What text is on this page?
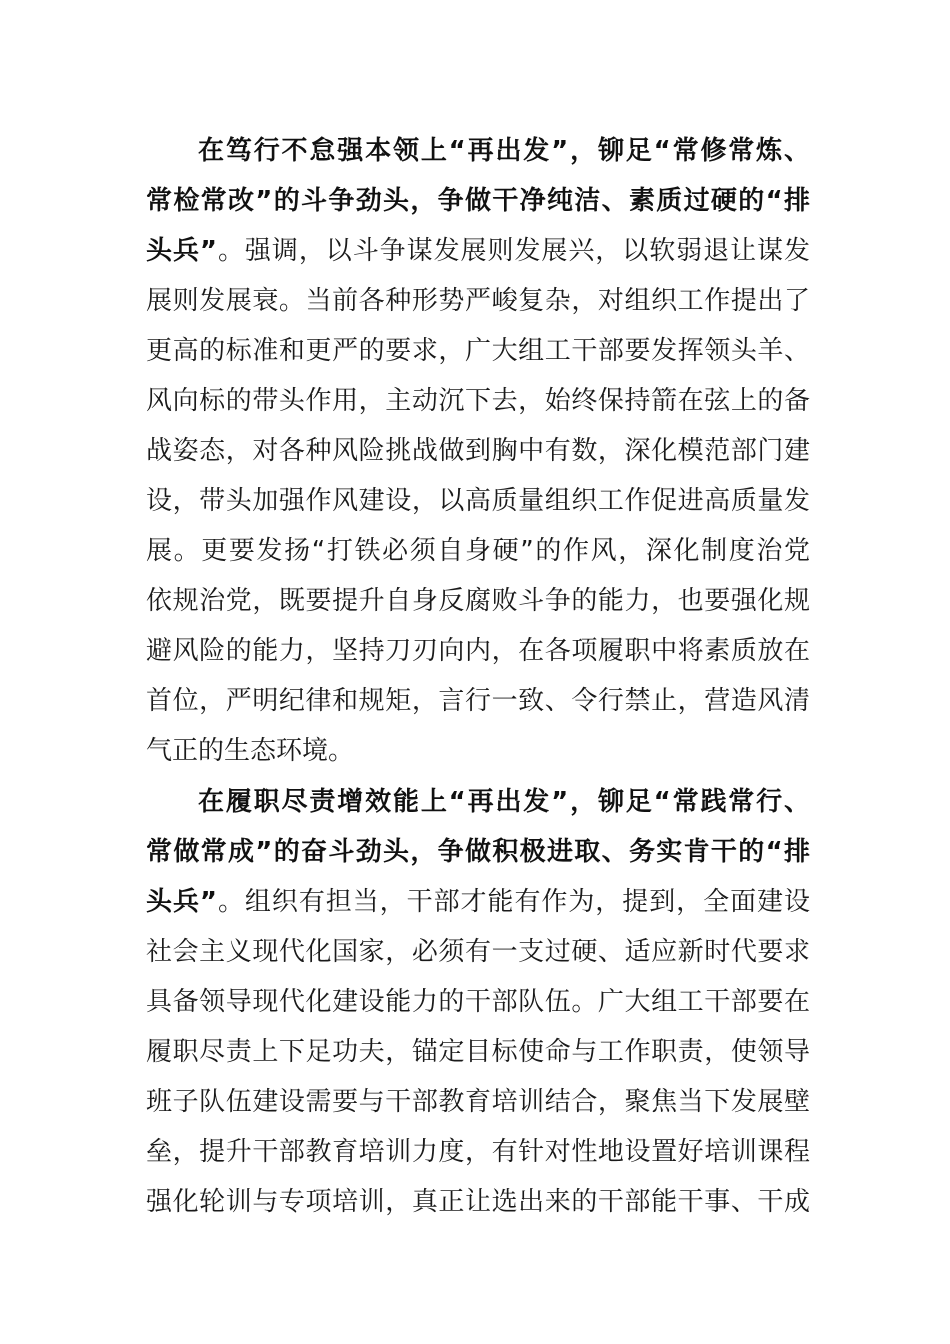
在笃行不怠强本领上“再出发”，铆足“常修常炼、
常检常改”的斗争劲头，争做干净纯洁、素质过硬的“排
头兵”。强调，以斗争谋发展则发展兴，以软弱退让谋发
展则发展衰。当前各种形势严峻复杂，对组织工作提出了
更高的标准和更严的要求，广大组工干部要发挥领头羊、
风向标的带头作用，主动沉下去，始终保持箭在弦上的备
战姿态，对各种风险挑战做到胸中有数，深化模范部门建
设，带头加强作风建设，以高质量组织工作促进高质量发
展。更要发扬“打铁必须自身硬”的作风，深化制度治党
依规治党，既要提升自身反腐败斗争的能力，也要强化规
避风险的能力，坚持刀刃向内，在各项履职中将素质放在
首位，严明纪律和规矩，言行一致、令行禁止，营造风清
气正的生态环境。
在履职尽责增效能上“再出发”，铆足“常践常行、
常做常成”的奋斗劲头，争做积极进取、务实肯干的“排
头兵”。组织有担当，干部才能有作为，提到，全面建设
社会主义现代化国家，必须有一支过硬、适应新时代要求
具备领导现代化建设能力的干部队伍。广大组工干部要在
履职尽责上下足功夫，锚定目标使命与工作职责，使领导
班子队伍建设需要与干部教育培训结合，聚焦当下发展壁
垒，提升干部教育培训力度，有针对性地设置好培训课程
强化轮训与专项培训，真正让选出来的干部能干事、干成
